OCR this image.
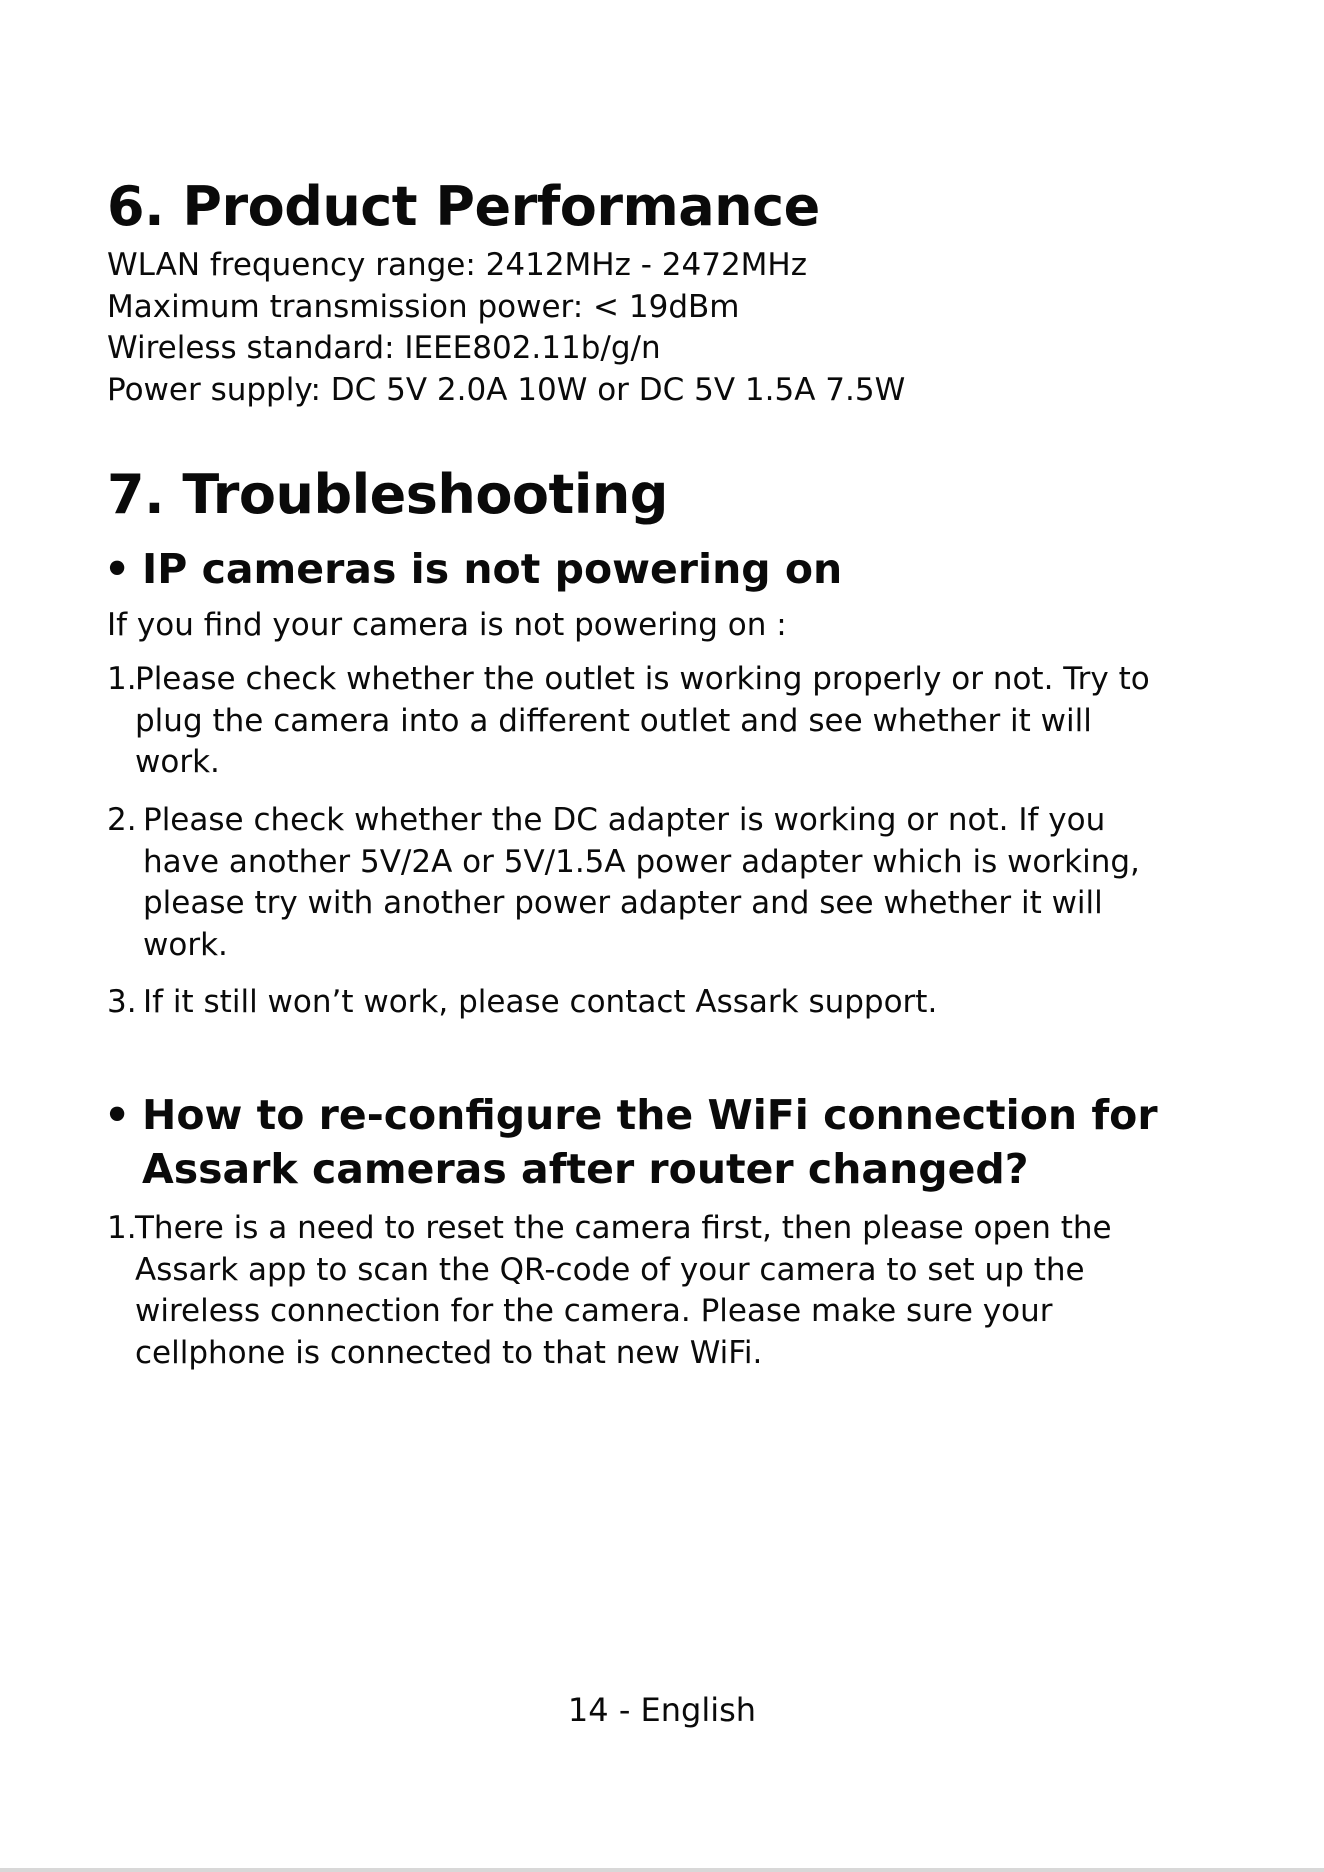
6. Product Performance
WLAN frequency range: 2412MHz - 2472MHz
Maximum transmission power: < 19dBm
Wireless standard: IEEE802.11b/g/n
Power supply: DC 5V 2.0A 10W or DC 5V 1.5A 7.5W
7. Troubleshooting
• IP cameras is not powering on
If you find your camera is not powering on :
1.
Please check whether the outlet is working properly or not. Try to
plug the camera into a different outlet and see whether it will
work.
2. Please check whether the DC adapter is working or not. If you
have another 5V/2A or 5V/1.5A power adapter which is working,
please try with another power adapter and see whether it will
work.
3. If it still won’t work, please contact Assark support.
• How to re-configure the WiFi connection for
Assark cameras after router changed?
1.
There is a need to reset the camera first, then please open the
Assark app to scan the QR-code of your camera to set up the
wireless connection for the camera. Please make sure your
cellphone is connected to that new WiFi.
14 - English
